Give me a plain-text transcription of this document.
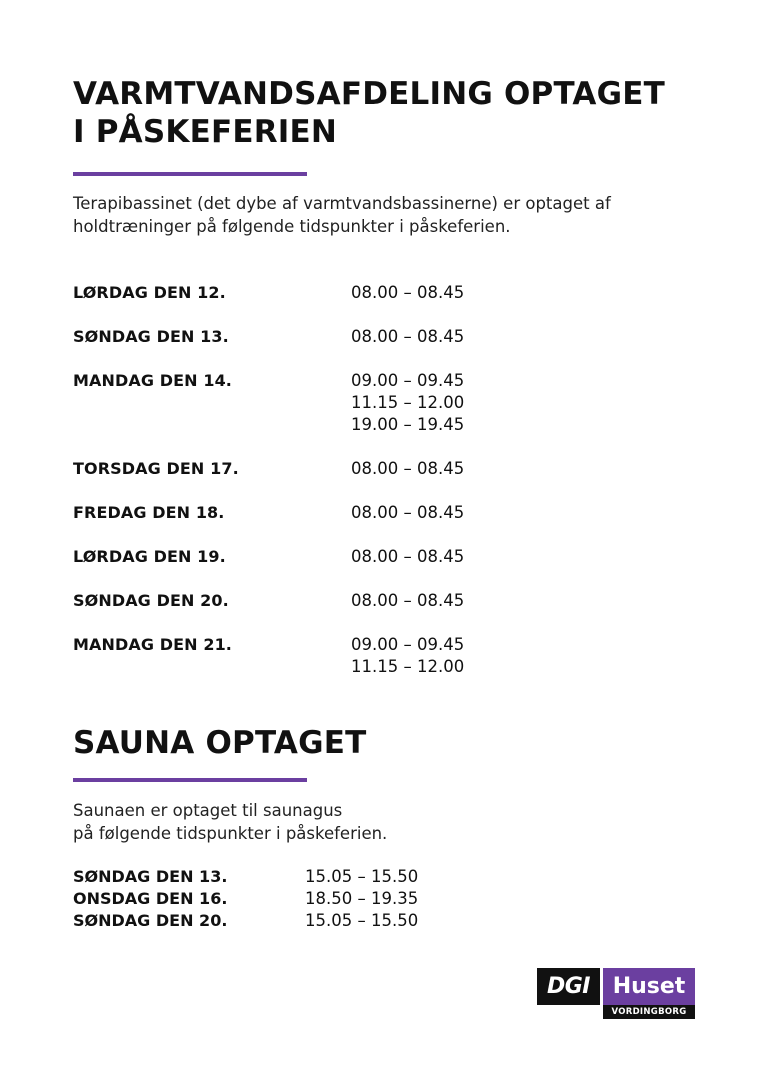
VARMTVANDSAFDELING OPTAGET
I PÅSKEFERIEN
Terapibassinet (det dybe af varmtvandsbassinerne) er optaget af
holdtræninger på følgende tidspunkter i påskeferien.
LØRDAG DEN 12.	08.00 – 08.45
SØNDAG DEN 13.	08.00 – 08.45
MANDAG DEN 14.	09.00 – 09.45
11.15 – 12.00
19.00 – 19.45
TORSDAG DEN 17.	08.00 – 08.45
FREDAG DEN 18.	08.00 – 08.45
LØRDAG DEN 19.	08.00 – 08.45
SØNDAG DEN 20.	08.00 – 08.45
MANDAG DEN 21.	09.00 – 09.45
11.15 – 12.00
SAUNA OPTAGET
Saunaen er optaget til saunagus
på følgende tidspunkter i påskeferien.
SØNDAG DEN 13.	15.05 – 15.50
ONSDAG DEN 16.	18.50 – 19.35
SØNDAG DEN 20.	15.05 – 15.50
DGI	Huset
VORDINGBORG
